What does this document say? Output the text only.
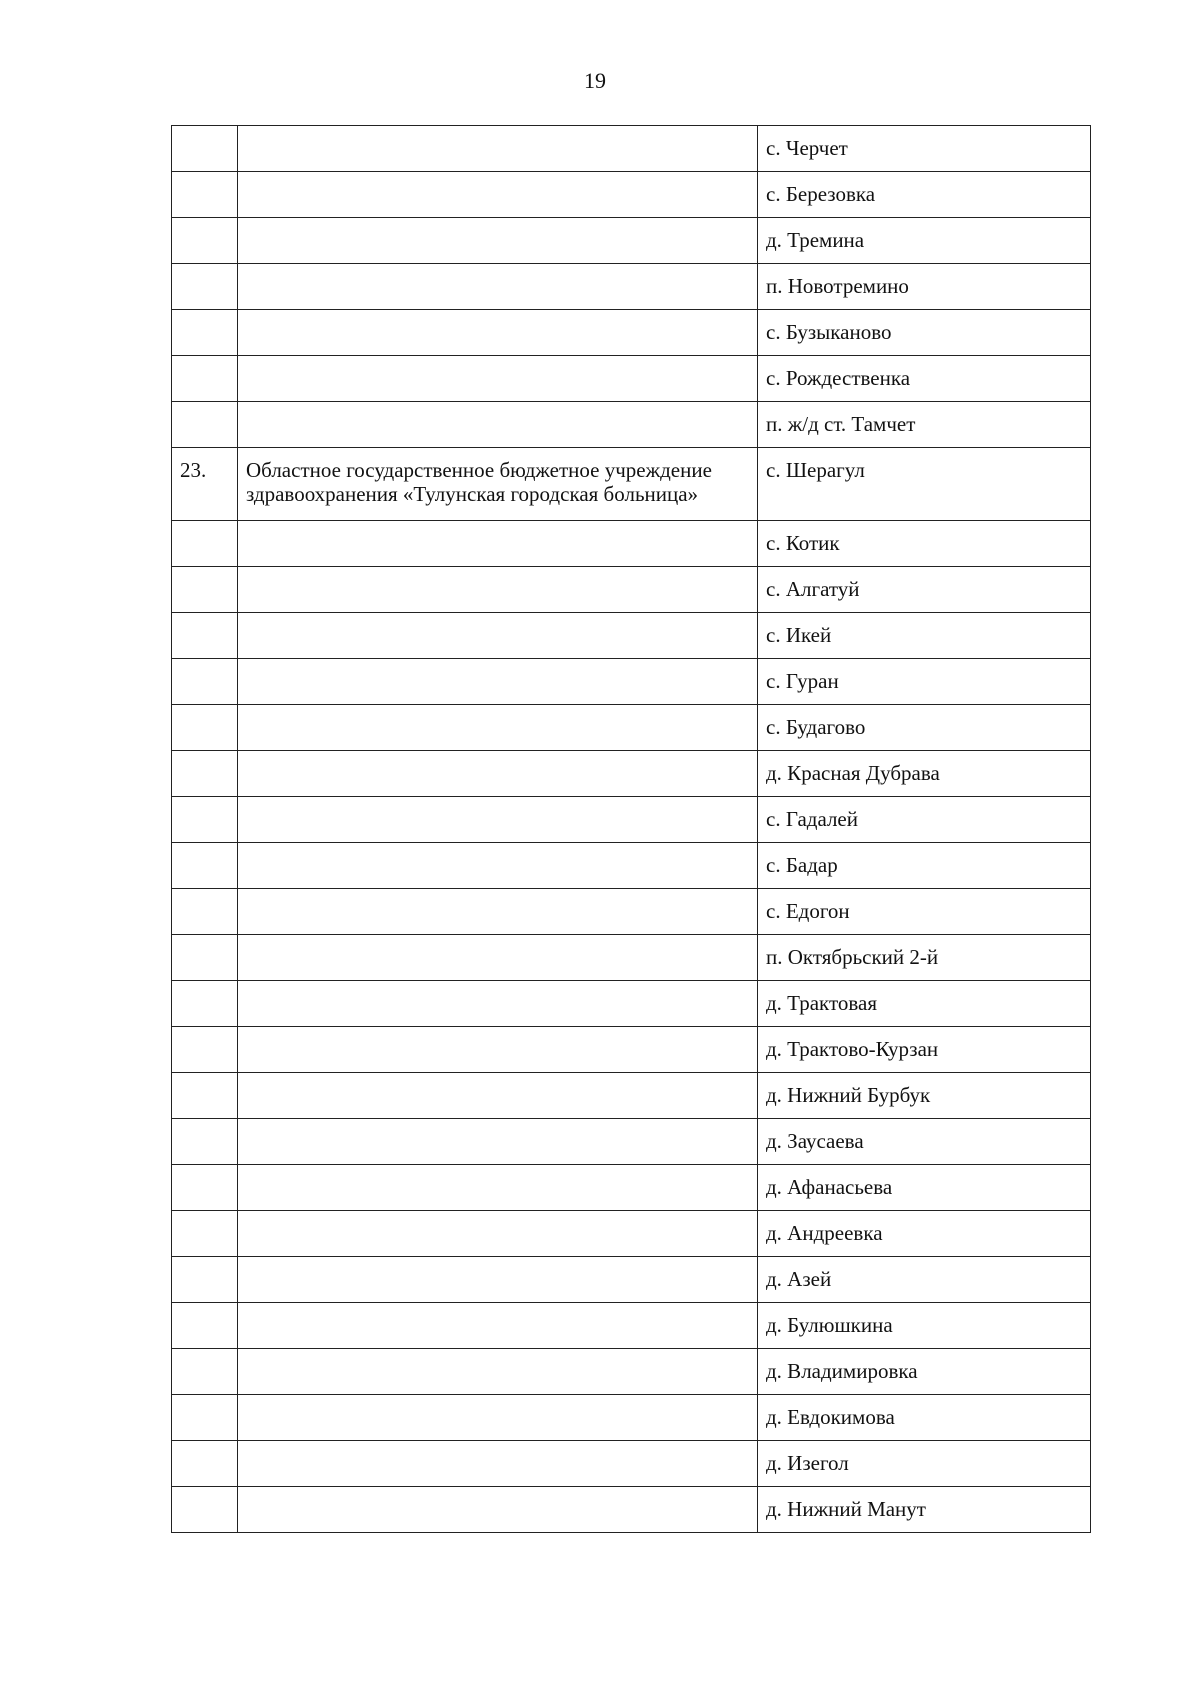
19
		с. Черчет
		с. Березовка
		д. Тремина
		п. Новотремино
		с. Бузыканово
		с. Рождественка
		п. ж/д ст. Тамчет
23.	Областное государственное бюджетное учреждение здравоохранения «Тулунская городская больница»	с. Шерагул
		с. Котик
		с. Алгатуй
		с. Икей
		с. Гуран
		с. Будагово
		д. Красная Дубрава
		с. Гадалей
		с. Бадар
		с. Едогон
		п. Октябрьский 2-й
		д. Трактовая
		д. Трактово-Курзан
		д. Нижний Бурбук
		д. Заусаева
		д. Афанасьева
		д. Андреевка
		д. Азей
		д. Булюшкина
		д. Владимировка
		д. Евдокимова
		д. Изегол
		д. Нижний Манут
